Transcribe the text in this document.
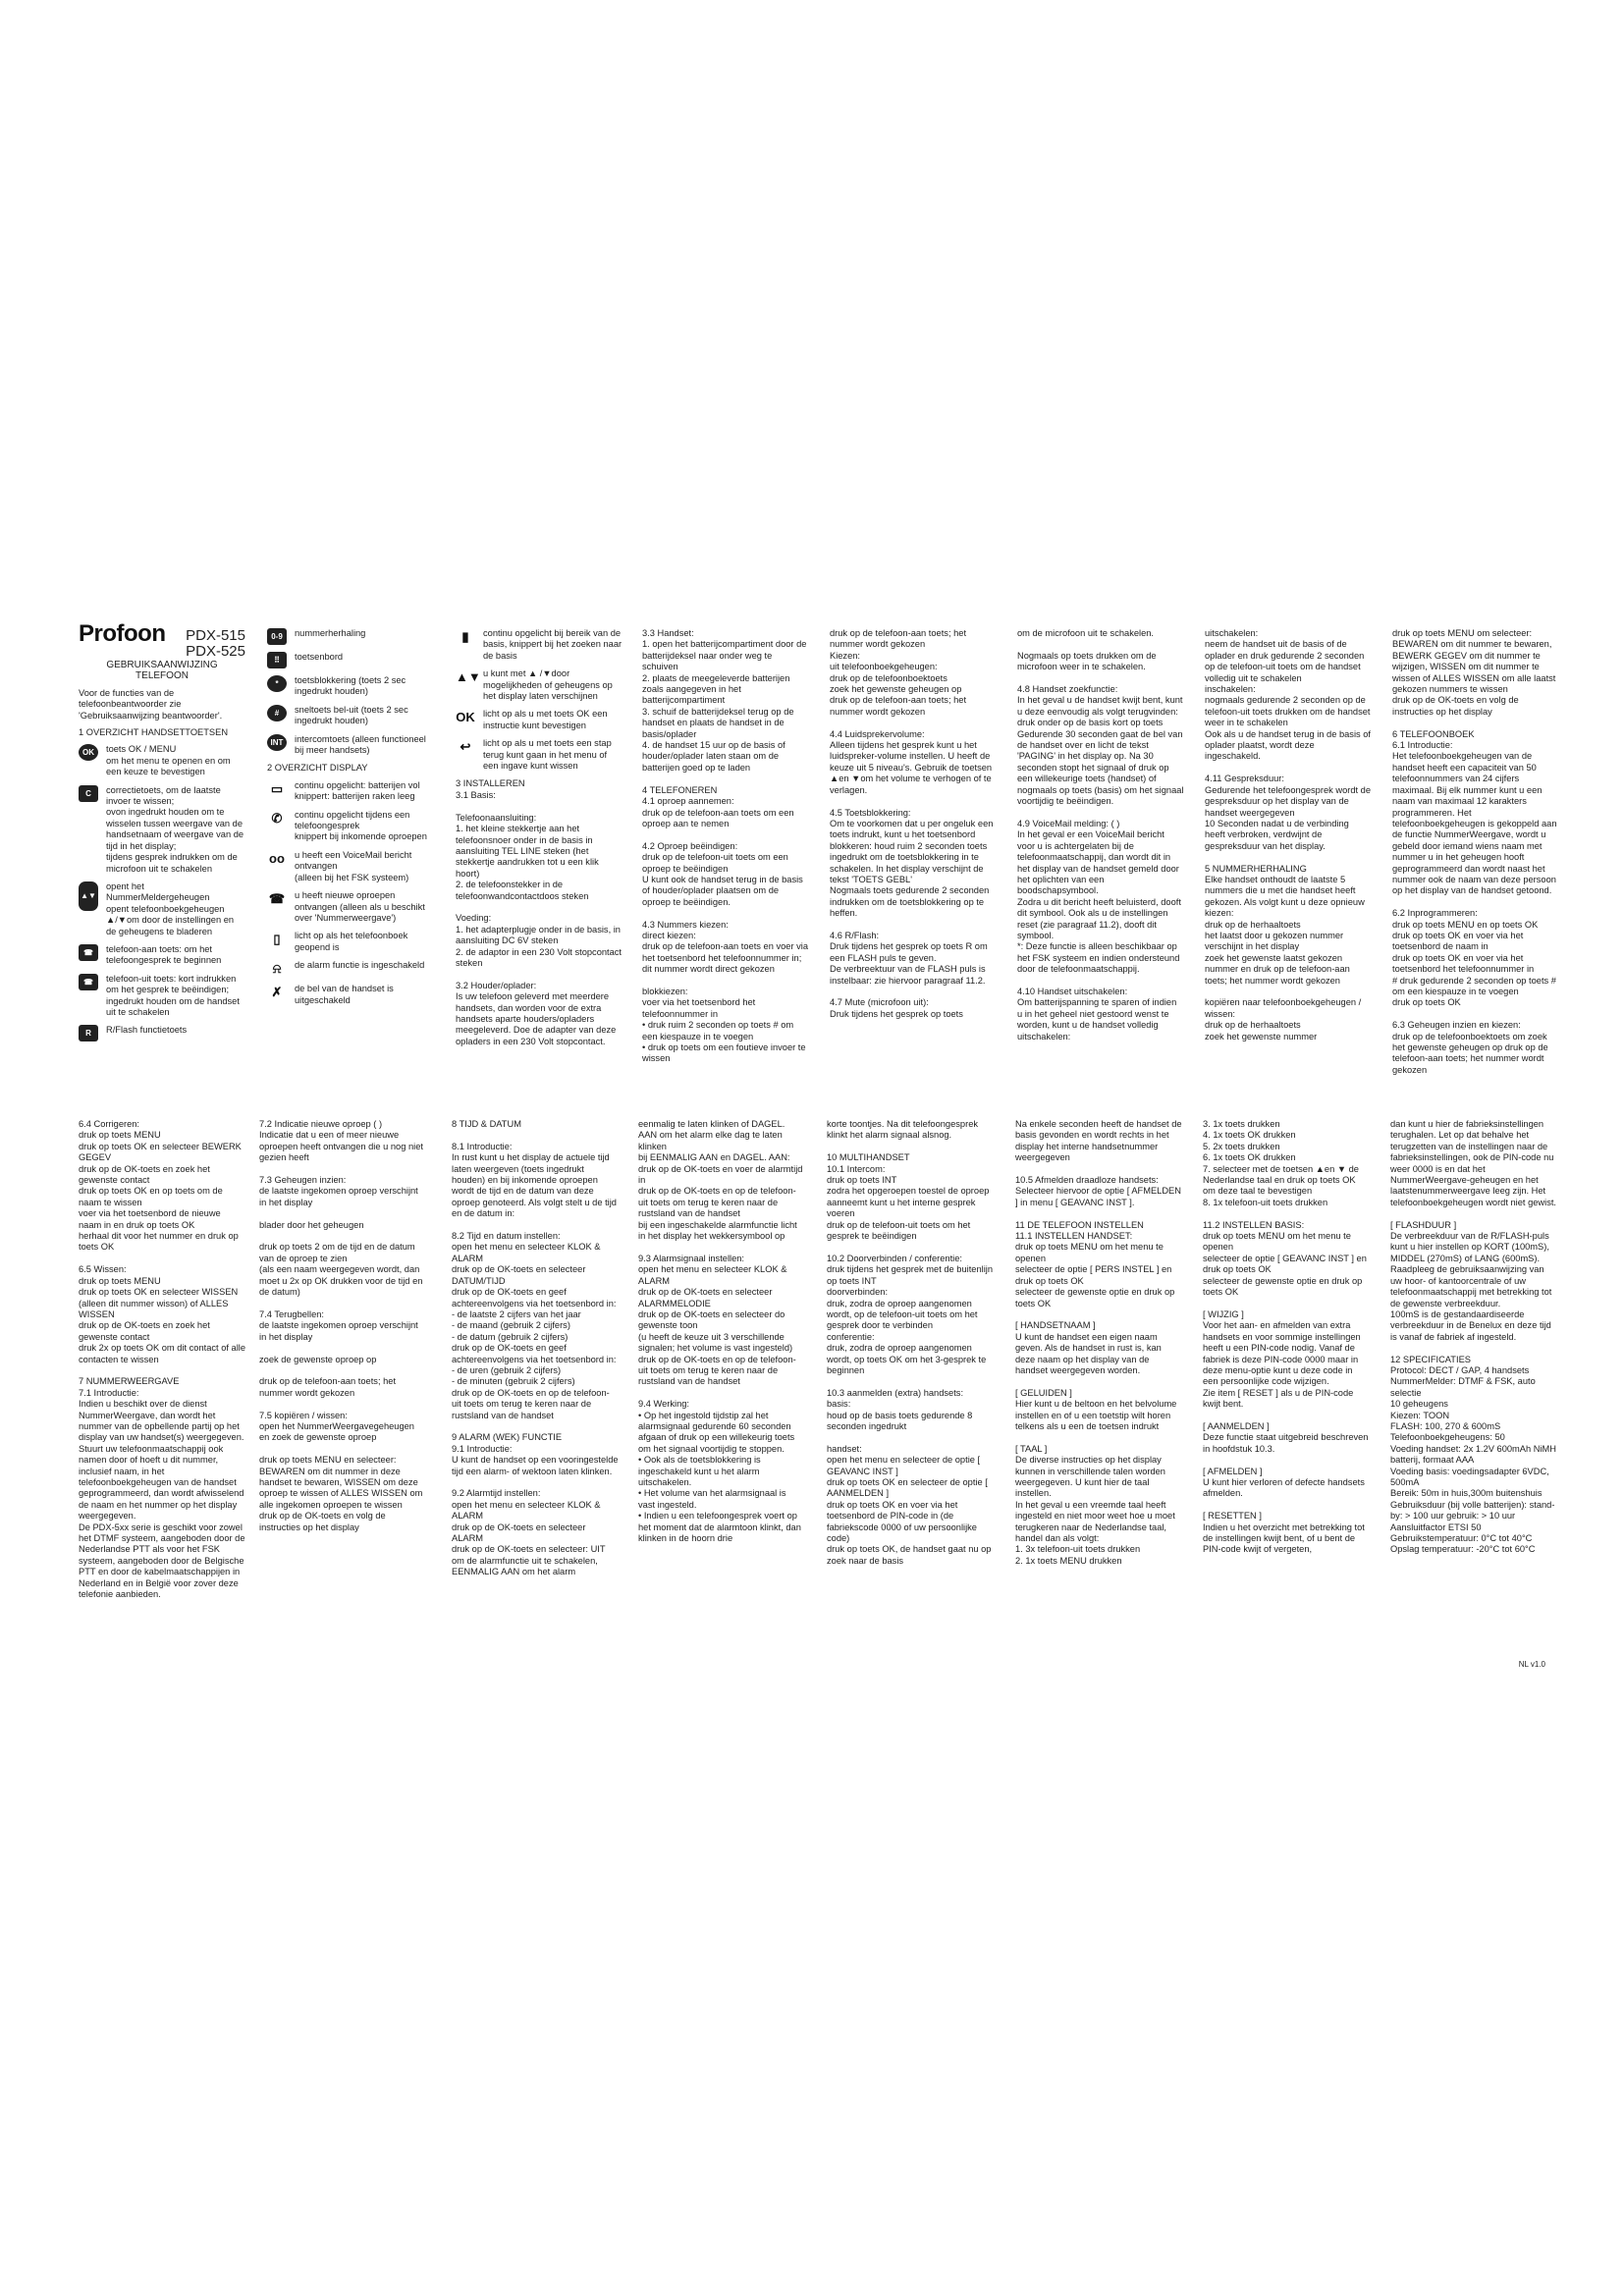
Profoon PDX-515
PDX-525

GEBRUIKSAANWIJZING
TELEFOON

Voor de functies van de telefoonbeantwoorder zie 'Gebruiksaanwijzing beantwoorder'.

1 OVERZICHT HANDSETTOETSEN

OK	toets OK / MENU
om het menu te openen en om een keuze te bevestigen
C	correctietoets, om de laatste invoer te wissen;
ovon ingedrukt houden om te wisselen tussen weergave van de handsetnaam of weergave van de tijd in het display;
tijdens gesprek indrukken om de microfoon uit te schakelen
▲▼
opent het NummerMeldergeheugen
opent telefoonboekgeheugen
▲/▼om door de instellingen en de geheugens te bladeren
☎	telefoon-aan toets: om het telefoongesprek te beginnen
☎	telefoon-uit toets: kort indrukken om het gesprek te beëindigen; ingedrukt houden om de handset uit te schakelen
R	R/Flash functietoets
0-9	nummerherhaling
⠿	toetsenbord
*	toetsblokkering (toets 2 sec ingedrukt houden)
#	sneltoets bel-uit (toets 2 sec ingedrukt houden)
INT	intercomtoets (alleen functioneel bij meer handsets)

2 OVERZICHT DISPLAY

▭	continu opgelicht: batterijen vol
knippert: batterijen raken leeg
✆	continu opgelicht tijdens een telefoongesprek
knippert bij inkomende oproepen
oo u heeft een VoiceMail bericht ontvangen
(alleen bij het FSK systeem)
☎ u heeft nieuwe oproepen ontvangen (alleen als u beschikt over 'Nummerweergave')
▯	licht op als het telefoonboek geopend is
⍾	de alarm functie is ingeschakeld
✗	de bel van de handset is uitgeschakeld
▮	continu opgelicht bij bereik van de basis, knippert bij het zoeken naar de basis
▲▼ u kunt met ▲ /▼door mogelijkheden of geheugens op het display laten verschijnen
OK licht op als u met toets OK een instructie kunt bevestigen
↩	licht op als u met toets een stap terug kunt gaan in het menu of een ingave kunt wissen

3 INSTALLEREN
3.1 Basis:

Telefoonaansluiting:
1. het kleine stekkertje aan het telefoonsnoer onder in de basis in aansluiting TEL LINE steken (het stekkertje aandrukken tot u een klik hoort)
2. de telefoonstekker in de telefoonwandcontactdoos steken

Voeding:
1. het adapterplugje onder in de basis, in aansluiting DC 6V steken
2. de adaptor in een 230 Volt stopcontact steken

3.2 Houder/oplader:
Is uw telefoon geleverd met meerdere handsets, dan worden voor de extra handsets aparte houders/opladers meegeleverd. Doe de adapter van deze opladers in een 230 Volt stopcontact.

3.3 Handset:
1. open het batterijcompartiment door de batterijdeksel naar onder weg te schuiven
2. plaats de meegeleverde batterijen zoals aangegeven in het batterijcompartiment
3. schuif de batterijdeksel terug op de handset en plaats de handset in de basis/oplader
4. de handset 15 uur op de basis of houder/oplader laten staan om de batterijen goed op te laden

4 TELEFONEREN
4.1 oproep aannemen:
druk op de telefoon-aan toets om een oproep aan te nemen

4.2 Oproep beëindigen:
druk op de telefoon-uit toets om een oproep te beëindigen
U kunt ook de handset terug in de basis of houder/oplader plaatsen om de oproep te beëindigen.

4.3 Nummers kiezen:
direct kiezen:
druk op de telefoon-aan toets en voer via het toetsenbord het telefoonnummer in; dit nummer wordt direct gekozen

blokkiezen:
voer via het toetsenbord het telefoonnummer in
• druk ruim 2 seconden op toets # om een kiespauze in te voegen
• druk op toets om een foutieve invoer te wissen

druk op de telefoon-aan toets; het nummer wordt gekozen
Kiezen:
uit telefoonboekgeheugen:
druk op de telefoonboektoets
zoek het gewenste geheugen op
druk op de telefoon-aan toets; het nummer wordt gekozen

4.4 Luidsprekervolume:
Alleen tijdens het gesprek kunt u het luidspreker-volume instellen. U heeft de keuze uit 5 niveau's. Gebruik de toetsen ▲en ▼om het volume te verhogen of te verlagen.

4.5 Toetsblokkering:
Om te voorkomen dat u per ongeluk een toets indrukt, kunt u het toetsenbord blokkeren: houd ruim 2 seconden toets ingedrukt om de toetsblokkering in te schakelen. In het display verschijnt de tekst 'TOETS GEBL'
Nogmaals toets gedurende 2 seconden indrukken om de toetsblokkering op te heffen.

4.6 R/Flash:
Druk tijdens het gesprek op toets R om een FLASH puls te geven.
De verbreektuur van de FLASH puls is instelbaar: zie hiervoor paragraaf 11.2.

4.7 Mute (microfoon uit):
Druk tijdens het gesprek op toets

om de microfoon uit te schakelen.

Nogmaals op toets drukken om de microfoon weer in te schakelen.

4.8 Handset zoekfunctie:
In het geval u de handset kwijt bent, kunt u deze eenvoudig als volgt terugvinden:
druk onder op de basis kort op toets
Gedurende 30 seconden gaat de bel van de handset over en licht de tekst 'PAGING' in het display op. Na 30 seconden stopt het signaal of druk op een willekeurige toets (handset) of nogmaals op toets (basis) om het signaal voortijdig te beëindigen.

4.9 VoiceMail melding: ( )
In het geval er een VoiceMail bericht voor u is achtergelaten bij de telefoonmaatschappij, dan wordt dit in het display van de handset gemeld door het oplichten van een boodschapsymbool.
Zodra u dit bericht heeft beluisterd, dooft dit symbool. Ook als u de instellingen reset (zie paragraaf 11.2), dooft dit symbool.
*: Deze functie is alleen beschikbaar op het FSK systeem en indien ondersteund door de telefoonmaatschappij.

4.10 Handset uitschakelen:
Om batterijspanning te sparen of indien u in het geheel niet gestoord wenst te worden, kunt u de handset volledig uitschakelen:

uitschakelen:
neem de handset uit de basis of de oplader en druk gedurende 2 seconden op de telefoon-uit toets om de handset volledig uit te schakelen
inschakelen:
nogmaals gedurende 2 seconden op de telefoon-uit toets drukken om de handset weer in te schakelen
Ook als u de handset terug in de basis of oplader plaatst, wordt deze ingeschakeld.

4.11 Gespreksduur:
Gedurende het telefoongesprek wordt de gespreksduur op het display van de handset weergegeven
10 Seconden nadat u de verbinding heeft verbroken, verdwijnt de gespreksduur van het display.

5 NUMMERHERHALING
Elke handset onthoudt de laatste 5 nummers die u met die handset heeft gekozen. Als volgt kunt u deze opnieuw kiezen:
druk op de herhaaltoets
het laatst door u gekozen nummer verschijnt in het display
zoek het gewenste laatst gekozen nummer en druk op de telefoon-aan toets; het nummer wordt gekozen

kopiëren naar telefoonboekgeheugen / wissen:
druk op de herhaaltoets
zoek het gewenste nummer

druk op toets MENU om selecteer: BEWAREN om dit nummer te bewaren, BEWERK GEGEV om dit nummer te wijzigen, WISSEN om dit nummer te wissen of ALLES WISSEN om alle laatst gekozen nummers te wissen
druk op de OK-toets en volg de instructies op het display

6 TELEFOONBOEK
6.1 Introductie:
Het telefoonboekgeheugen van de handset heeft een capaciteit van 50 telefoonnummers van 24 cijfers maximaal. Bij elk nummer kunt u een naam van maximaal 12 karakters programmeren. Het telefoonboekgeheugen is gekoppeld aan de functie NummerWeergave, wordt u gebeld door iemand wiens naam met nummer u in het geheugen hooft geprogrammeerd dan wordt naast het nummer ook de naam van deze persoon op het display van de handset getoond.

6.2 Inprogrammeren:
druk op toets MENU en op toets OK
druk op toets OK en voer via het toetsenbord de naam in
druk op toets OK en voer via het toetsenbord het telefoonnummer in
# druk gedurende 2 seconden op toets # om een kiespauze in te voegen
druk op toets OK

6.3 Geheugen inzien en kiezen:
druk op de telefoonboektoets om zoek het gewenste geheugen op druk op de telefoon-aan toets; het nummer wordt gekozen

6.4 Corrigeren:
druk op toets MENU
druk op toets OK en selecteer BEWERK GEGEV
druk op de OK-toets en zoek het gewenste contact
druk op toets OK en op toets om de naam te wissen
voer via het toetsenbord de nieuwe naam in en druk op toets OK
herhaal dit voor het nummer en druk op toets OK

6.5 Wissen:
druk op toets MENU
druk op toets OK en selecteer WISSEN (alleen dit nummer wisson) of ALLES WISSEN
druk op de OK-toets en zoek het gewenste contact
druk 2x op toets OK om dit contact of alle contacten te wissen

7 NUMMERWEERGAVE
7.1 Introductie:
Indien u beschikt over de dienst NummerWeergave, dan wordt het nummer van de opbellende partij op het display van uw handset(s) weergegeven.
Stuurt uw telefoonmaatschappij ook namen door of hoeft u dit nummer, inclusief naam, in het telefoonboekgeheugen van de handset geprogrammeerd, dan wordt afwisselend de naam en het nummer op het display weergegeven.
De PDX-5xx serie is geschikt voor zowel het DTMF systeem, aangeboden door de Nederlandse PTT als voor het FSK systeem, aangeboden door de Belgische PTT en door de kabelmaatschappijen in Nederland en in België voor zover deze telefonie aanbieden.

7.2 Indicatie nieuwe oproep ( )
Indicatie dat u een of meer nieuwe oproepen heeft ontvangen die u nog niet gezien heeft

7.3 Geheugen inzien:
de laatste ingekomen oproep verschijnt in het display

blader door het geheugen

druk op toets 2 om de tijd en de datum van de oproep te zien
(als een naam weergegeven wordt, dan moet u 2x op OK drukken voor de tijd en de datum)

7.4 Terugbellen:
de laatste ingekomen oproep verschijnt in het display

zoek de gewenste oproep op

druk op de telefoon-aan toets; het nummer wordt gekozen

7.5 kopiëren / wissen:
open het NummerWeergavegeheugen en zoek de gewenste oproep

druk op toets MENU en selecteer: BEWAREN om dit nummer in deze handset te bewaren, WISSEN om deze oproep te wissen of ALLES WISSEN om alle ingekomen oproepen te wissen
druk op de OK-toets en volg de instructies op het display

8 TIJD & DATUM

8.1 Introductie:
In rust kunt u het display de actuele tijd laten weergeven (toets ingedrukt houden) en bij inkomende oproepen wordt de tijd en de datum van deze oproep genoteerd. Als volgt stelt u de tijd en de datum in:

8.2 Tijd en datum instellen:
open het menu en selecteer KLOK & ALARM
druk op de OK-toets en selecteer DATUM/TIJD
druk op de OK-toets en geef achtereenvolgens via het toetsenbord in:
- de laatste 2 cijfers van het jaar
- de maand (gebruik 2 cijfers)
- de datum (gebruik 2 cijfers)
druk op de OK-toets en geef achtereenvolgens via het toetsenbord in:
- de uren (gebruik 2 cijfers)
- de minuten (gebruik 2 cijfers)
druk op de OK-toets en op de telefoon-uit toets om terug te keren naar de rustsland van de handset

9 ALARM (WEK) FUNCTIE
9.1 Introductie:
U kunt de handset op een vooringestelde tijd een alarm- of wektoon laten klinken.

9.2 Alarmtijd instellen:
open het menu en selecteer KLOK & ALARM
druk op de OK-toets en selecteer ALARM
druk op de OK-toets en selecteer: UIT om de alarmfunctie uit te schakelen, EENMALIG AAN om het alarm

eenmalig te laten klinken of DAGEL. AAN om het alarm elke dag te laten klinken
bij EENMALIG AAN en DAGEL. AAN: druk op de OK-toets en voer de alarmtijd in
druk op de OK-toets en op de telefoon-uit toets om terug te keren naar de rustsland van de handset
bij een ingeschakelde alarmfunctie licht in het display het wekkersymbool op

9.3 Alarmsignaal instellen:
open het menu en selecteer KLOK & ALARM
druk op de OK-toets en selecteer ALARMMELODIE
druk op de OK-toets en selecteer do gewenste toon
(u heeft de keuze uit 3 verschillende signalen; het volume is vast ingesteld)
druk op de OK-toets en op de telefoon-uit toets om terug te keren naar de rustsland van de handset

9.4 Werking:
• Op het ingestold tijdstip zal het alarmsignaal gedurende 60 seconden afgaan of druk op een willekeurig toets om het signaal voortijdig te stoppen.
• Ook als de toetsblokkering is ingeschakeld kunt u het alarm uitschakelen.
• Het volume van het alarmsignaal is vast ingesteld.
• Indien u een telefoongesprek voert op het moment dat de alarmtoon klinkt, dan klinken in de hoorn drie

korte toontjes. Na dit telefoongesprek klinkt het alarm signaal alsnog.

10 MULTIHANDSET
10.1 Intercom:
druk op toets INT
zodra het opgeroepen toestel de oproep aanneemt kunt u het interne gesprek voeren
druk op de telefoon-uit toets om het gesprek te beëindigen

10.2 Doorverbinden / conferentie:
druk tijdens het gesprek met de buitenlijn op toets INT
doorverbinden:
druk, zodra de oproep aangenomen wordt, op de telefoon-uit toets om het gesprek door te verbinden
conferentie:
druk, zodra de oproep aangenomen wordt, op toets OK om het 3-gesprek te beginnen

10.3 aanmelden (extra) handsets:
basis:
houd op de basis toets gedurende 8 seconden ingedrukt

handset:
open het menu en selecteer de optie [ GEAVANC INST ]
druk op toets OK en selecteer de optie [ AANMELDEN ]
druk op toets OK en voer via het toetsenbord de PIN-code in (de fabriekscode 0000 of uw persoonlijke code)
druk op toets OK, de handset gaat nu op zoek naar de basis

Na enkele seconden heeft de handset de basis gevonden en wordt rechts in het display het interne handsetnummer weergegeven

10.5 Afmelden draadloze handsets:
Selecteer hiervoor de optie [ AFMELDEN ] in menu [ GEAVANC INST ].

11 DE TELEFOON INSTELLEN
11.1 INSTELLEN HANDSET:
druk op toets MENU om het menu te openen
selecteer de optie [ PERS INSTEL ] en druk op toets OK
selecteer de gewenste optie en druk op toets OK

[ HANDSETNAAM ]
U kunt de handset een eigen naam geven. Als de handset in rust is, kan deze naam op het display van de handset weergegeven worden.

[ GELUIDEN ]
Hier kunt u de beltoon en het belvolume instellen en of u een toetstip wilt horen telkens als u een de toetsen indrukt

[ TAAL ]
De diverse instructies op het display kunnen in verschillende talen worden weergegeven. U kunt hier de taal instellen.
In het geval u een vreemde taal heeft ingesteld en niet moor weet hoe u moet terugkeren naar de Nederlandse taal, handel dan als volgt:
1. 3x telefoon-uit toets drukken
2. 1x toets MENU drukken

3. 1x toets drukken
4. 1x toets OK drukken
5. 2x toets drukken
6. 1x toets OK drukken
7. selecteer met de toetsen ▲en ▼ de Nederlandse taal en druk op toets OK om deze taal te bevestigen
8. 1x telefoon-uit toets drukken

11.2 INSTELLEN BASIS:
druk op toets MENU om het menu te openen
selecteer de optie [ GEAVANC INST ] en druk op toets OK
selecteer de gewenste optie en druk op toets OK

[ WIJZIG ]
Voor het aan- en afmelden van extra handsets en voor sommige instellingen heeft u een PIN-code nodig. Vanaf de fabriek is deze PIN-code 0000 maar in deze menu-optie kunt u deze code in een persoonlijke code wijzigen.
Zie item [ RESET ] als u de PIN-code kwijt bent.

[ AANMELDEN ]
Deze functie staat uitgebreid beschreven in hoofdstuk 10.3.

[ AFMELDEN ]
U kunt hier verloren of defecte handsets afmelden.

[ RESETTEN ]
Indien u het overzicht met betrekking tot de instellingen kwijt bent, of u bent de PIN-code kwijt of vergeten,

dan kunt u hier de fabrieksinstellingen terughalen. Let op dat behalve het terugzetten van de instellingen naar de fabrieksinstellingen, ook de PIN-code nu weer 0000 is en dat het NummerWeergave-geheugen en het laatstenummerweergave leeg zijn. Het telefoonboekgeheugen wordt niet gewist.

[ FLASHDUUR ]
De verbreekduur van de R/FLASH-puls kunt u hier instellen op KORT (100mS), MIDDEL (270mS) of LANG (600mS).
Raadpleeg de gebruiksaanwijzing van uw hoor- of kantoorcentrale of uw telefoonmaatschappij met betrekking tot de gewenste verbreekduur.
100mS is de gestandaardiseerde verbreekduur in de Benelux en deze tijd is vanaf de fabriek af ingesteld.

12 SPECIFICATIES
Protocol: DECT / GAP, 4 handsets
NummerMelder: DTMF & FSK, auto selectie
10 geheugens
Kiezen: TOON
FLASH: 100, 270 & 600mS
Telefoonboekgeheugens: 50
Voeding handset: 2x 1.2V 600mAh NiMH batterij, formaat AAA
Voeding basis: voedingsadapter 6VDC, 500mA
Bereik: 50m in huis,300m buitenshuis
Gebruiksduur (bij volle batterijen): stand-by: > 100 uur gebruik: > 10 uur
Aansluitfactor ETSI 50
Gebruikstemperatuur: 0°C tot 40°C
Opslag temperatuur: -20°C tot 60°C

NL v1.0
